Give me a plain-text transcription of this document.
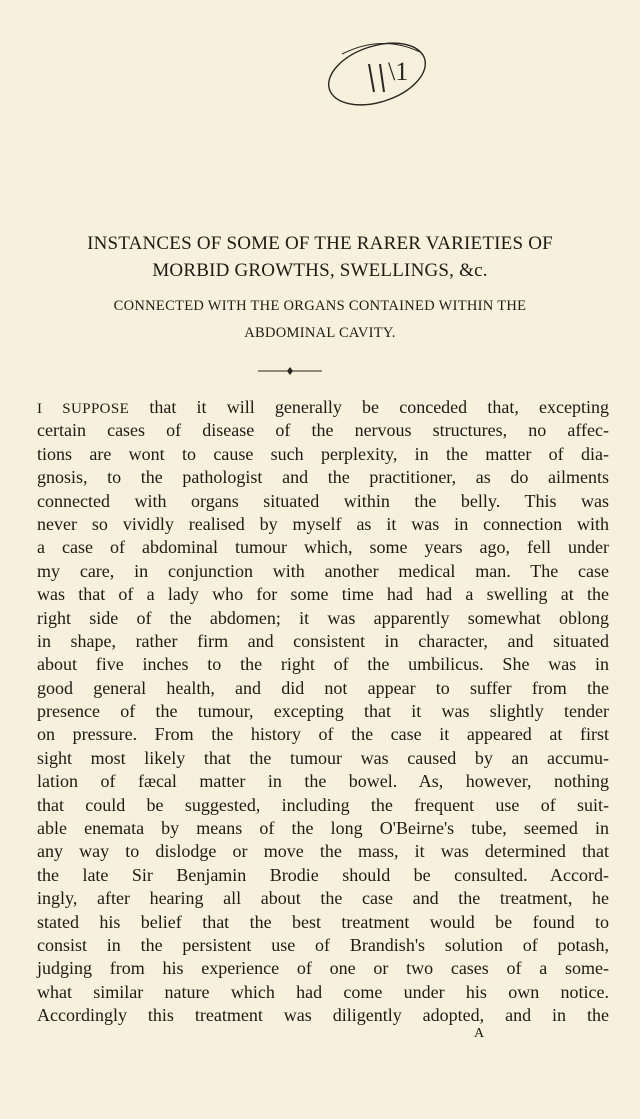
\1
INSTANCES OF SOME OF THE RARER VARIETIES OF
MORBID GROWTHS, SWELLINGS, &c.
CONNECTED WITH THE ORGANS CONTAINED WITHIN THE
ABDOMINAL CAVITY.
I SUPPOSE that it will generally be conceded that, excepting
certain cases of disease of the nervous structures, no affec-
tions are wont to cause such perplexity, in the matter of dia-
gnosis, to the pathologist and the practitioner, as do ailments
connected with organs situated within the belly. This was
never so vividly realised by myself as it was in connection with
a case of abdominal tumour which, some years ago, fell under
my care, in conjunction with another medical man. The case
was that of a lady who for some time had had a swelling at the
right side of the abdomen; it was apparently somewhat oblong
in shape, rather firm and consistent in character, and situated
about five inches to the right of the umbilicus. She was in
good general health, and did not appear to suffer from the
presence of the tumour, excepting that it was slightly tender
on pressure. From the history of the case it appeared at first
sight most likely that the tumour was caused by an accumu-
lation of fæcal matter in the bowel. As, however, nothing
that could be suggested, including the frequent use of suit-
able enemata by means of the long O'Beirne's tube, seemed in
any way to dislodge or move the mass, it was determined that
the late Sir Benjamin Brodie should be consulted. Accord-
ingly, after hearing all about the case and the treatment, he
stated his belief that the best treatment would be found to
consist in the persistent use of Brandish's solution of potash,
judging from his experience of one or two cases of a some-
what similar nature which had come under his own notice.
Accordingly this treatment was diligently adopted, and in the
A
